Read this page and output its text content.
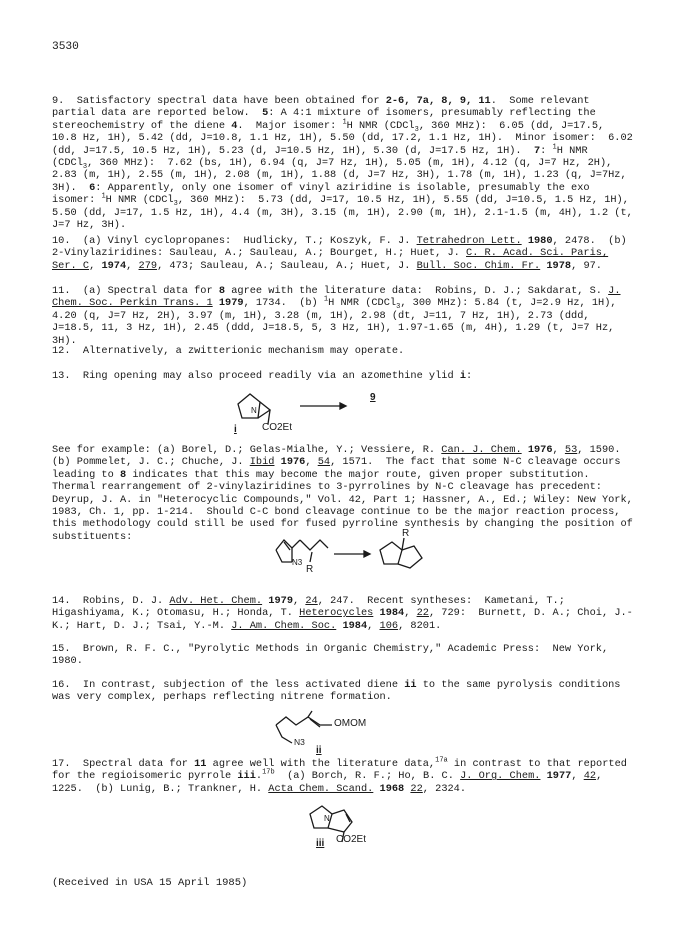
3530

9.  Satisfactory spectral data have been obtained for 2-6, 7a, 8, 9, 11.  Some relevant partial data are reported below.  5: A 4:1 mixture of isomers, presumably reflecting the stereochemistry of the diene 4.  Major isomer: $^1$H NMR (CDCl$_3$, 360 MHz):  6.05 (dd, J=17.5, 10.8 Hz, 1H), 5.42 (dd, J=10.8, 1.1 Hz, 1H), 5.50 (dd, 17.2, 1.1 Hz, 1H).  Minor isomer:  6.02 (dd, J=17.5, 10.5 Hz, 1H), 5.23 (d, J=10.5 Hz, 1H), 5.30 (d, J=17.5 Hz, 1H).  7: $^1$H NMR (CDCl$_3$, 360 MHz):  7.62 (bs, 1H), 6.94 (q, J=7 Hz, 1H), 5.05 (m, 1H), 4.12 (q, J=7 Hz, 2H), 2.83 (m, 1H), 2.55 (m, 1H), 2.08 (m, 1H), 1.88 (d, J=7 Hz, 3H), 1.78 (m, 1H), 1.23 (q, J=7Hz, 3H).  6: Apparently, only one isomer of vinyl aziridine is isolable, presumably the exo isomer: $^1$H NMR (CDCl$_3$, 360 MHz):  5.73 (dd, J=17, 10.5 Hz, 1H), 5.55 (dd, J=10.5, 1.5 Hz, 1H), 5.50 (dd, J=17, 1.5 Hz, 1H), 4.4 (m, 3H), 3.15 (m, 1H), 2.90 (m, 1H), 2.1-1.5 (m, 4H), 1.2 (t, J=7 Hz, 3H).

10.  (a) Vinyl cyclopropanes:  Hudlicky, T.; Koszyk, F. J. Tetrahedron Lett. 1980, 2478.  (b) 2-Vinylaziridines: Sauleau, A.; Sauleau, A.; Bourget, H.; Huet, J. C. R. Acad. Sci. Paris, Ser. C, 1974, 279, 473; Sauleau, A.; Sauleau, A.; Huet, J. Bull. Soc. Chim. Fr. 1978, 97.

11.  (a) Spectral data for 8 agree with the literature data:  Robins, D. J.; Sakdarat, S. J. Chem. Soc. Perkin Trans. 1 1979, 1734.  (b) $^1$H NMR (CDCl$_3$, 300 MHz): 5.84 (t, J=2.9 Hz, 1H), 4.20 (q, J=7 Hz, 2H), 3.97 (m, 1H), 3.28 (m, 1H), 2.98 (dt, J=11, 7 Hz, 1H), 2.73 (ddd, J=18.5, 11, 3 Hz, 1H), 2.45 (ddd, J=18.5, 5, 3 Hz, 1H), 1.97-1.65 (m, 4H), 1.29 (t, J=7 Hz, 3H).

12.  Alternatively, a zwitterionic mechanism may operate.

13.  Ring opening may also proceed readily via an azomethine ylid i:

N
CO2Et
i
9

See for example: (a) Borel, D.; Gelas-Mialhe, Y.; Vessiere, R. Can. J. Chem. 1976, 53, 1590. (b) Pommelet, J. C.; Chuche, J. Ibid 1976, 54, 1571.  The fact that some N-C cleavage occurs leading to 8 indicates that this may become the major route, given proper substitution. Thermal rearrangement of 2-vinylaziridines to 3-pyrrolines by N-C cleavage has precedent: Deyrup, J. A. in "Heterocyclic Compounds," Vol. 42, Part 1; Hassner, A., Ed.; Wiley: New York, 1983, Ch. 1, pp. 1-214.  Should C-C bond cleavage continue to be the major reaction process, this methodology could still be used for fused pyrroline synthesis by changing the position of substituents:

N3
R
R

14.  Robins, D. J. Adv. Het. Chem. 1979, 24, 247.  Recent syntheses:  Kametani, T.; Higashiyama, K.; Otomasu, H.; Honda, T. Heterocycles 1984, 22, 729:  Burnett, D. A.; Choi, J.-K.; Hart, D. J.; Tsai, Y.-M. J. Am. Chem. Soc. 1984, 106, 8201.

15.  Brown, R. F. C., "Pyrolytic Methods in Organic Chemistry," Academic Press:  New York, 1980.

16.  In contrast, subjection of the less activated diene ii to the same pyrolysis conditions was very complex, perhaps reflecting nitrene formation.

OMOM
N3
ii

17.  Spectral data for 11 agree well with the literature data,$^{17a}$ in contrast to that reported for the regioisomeric pyrrole iii.$^{17b}$  (a) Borch, R. F.; Ho, B. C. J. Org. Chem. 1977, 42, 1225.  (b) Lunig, B.; Trankner, H. Acta Chem. Scand. 1968 22, 2324.

N
CO2Et
iii
(Received in USA 15 April 1985)
